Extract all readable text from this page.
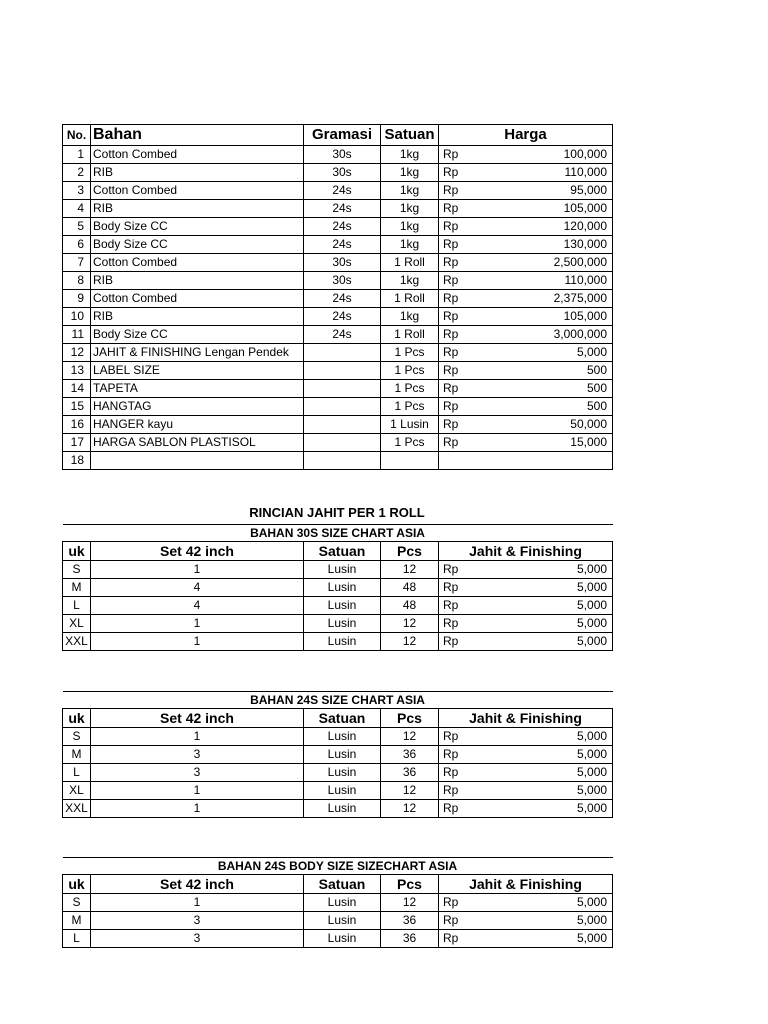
No.	Bahan	Gramasi	Satuan	Harga	
1	Cotton Combed	30s	1kg	Rp	100,000
2	RIB	30s	1kg	Rp	110,000
3	Cotton Combed	24s	1kg	Rp	95,000
4	RIB	24s	1kg	Rp	105,000
5	Body Size CC	24s	1kg	Rp	120,000
6	Body Size CC	24s	1kg	Rp	130,000
7	Cotton Combed	30s	1 Roll	Rp	2,500,000
8	RIB	30s	1kg	Rp	110,000
9	Cotton Combed	24s	1 Roll	Rp	2,375,000
10	RIB	24s	1kg	Rp	105,000
11	Body Size CC	24s	1 Roll	Rp	3,000,000
12	JAHIT & FINISHING Lengan Pendek		1 Pcs	Rp	5,000
13	LABEL SIZE		1 Pcs	Rp	500
14	TAPETA		1 Pcs	Rp	500
15	HANGTAG		1 Pcs	Rp	500
16	HANGER kayu		1 Lusin	Rp	50,000
17	HARGA SABLON PLASTISOL		1 Pcs	Rp	15,000
18					
RINCIAN JAHIT PER 1 ROLL
BAHAN 30S SIZE CHART ASIA					
uk	Set 42 inch	Satuan	Pcs	Jahit & Finishing	
S	1	Lusin	12	Rp	5,000
M	4	Lusin	48	Rp	5,000
L	4	Lusin	48	Rp	5,000
XL	1	Lusin	12	Rp	5,000
XXL	1	Lusin	12	Rp	5,000
BAHAN 24S SIZE CHART ASIA					
uk	Set 42 inch	Satuan	Pcs	Jahit & Finishing	
S	1	Lusin	12	Rp	5,000
M	3	Lusin	36	Rp	5,000
L	3	Lusin	36	Rp	5,000
XL	1	Lusin	12	Rp	5,000
XXL	1	Lusin	12	Rp	5,000
BAHAN 24S BODY SIZE SIZECHART ASIA					
uk	Set 42 inch	Satuan	Pcs	Jahit & Finishing	
S	1	Lusin	12	Rp	5,000
M	3	Lusin	36	Rp	5,000
L	3	Lusin	36	Rp	5,000
